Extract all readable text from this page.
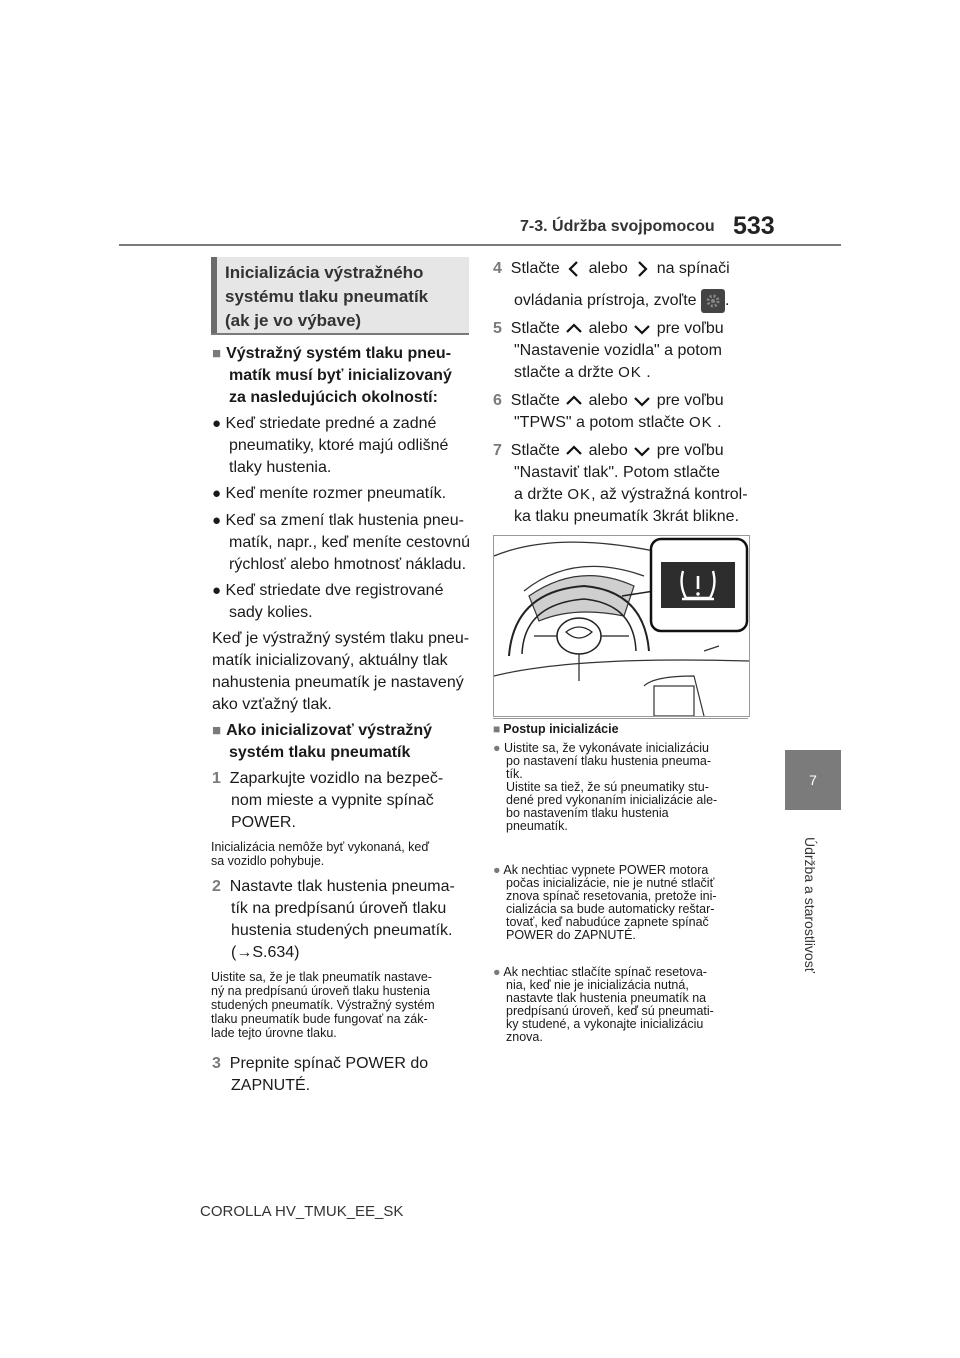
7-3. Údržba svojpomocou 533
7
Údržba a starostlivosť
Inicializácia výstražného
systému tlaku pneumatík
(ak je vo výbave)
■ Výstražný systém tlaku pneu-
matík musí byť inicializovaný
za nasledujúcich okolností:
● Keď striedate predné a zadné
pneumatiky, ktoré majú odlišné
tlaky hustenia.
● Keď meníte rozmer pneumatík.
● Keď sa zmení tlak hustenia pneu-
matík, napr., keď meníte cestovnú
rýchlosť alebo hmotnosť nákladu.
● Keď striedate dve registrované
sady kolies.
Keď je výstražný systém tlaku pneu-
matík inicializovaný, aktuálny tlak
nahustenia pneumatík je nastavený
ako vzťažný tlak.
■ Ako inicializovať výstražný
systém tlaku pneumatík
1 Zaparkujte vozidlo na bezpeč-
nom mieste a vypnite spínač
POWER.
Inicializácia nemôže byť vykonaná, keď
sa vozidlo pohybuje.
2 Nastavte tlak hustenia pneuma-
tík na predpísanú úroveň tlaku
hustenia studených pneumatík.
(→S.634)
Uistite sa, že je tlak pneumatík nastave-
ný na predpísanú úroveň tlaku hustenia
studených pneumatík. Výstražný systém
tlaku pneumatík bude fungovať na zák-
lade tejto úrovne tlaku.
3 Prepnite spínač POWER do
ZAPNUTÉ.
4 Stlačte alebo na spínači
ovládania prístroja, zvoľte .
5 Stlačte alebo pre voľbu
"Nastavenie vozidla" a potom
stlačte a držte OK .
6 Stlačte alebo pre voľbu
"TPWS" a potom stlačte OK .
7 Stlačte alebo pre voľbu
"Nastaviť tlak". Potom stlačte
a držte OK, až výstražná kontrol-
ka tlaku pneumatík 3krát blikne.
■ Postup inicializácie
● Uistite sa, že vykonávate inicializáciu
po nastavení tlaku hustenia pneuma-
tík.
Uistite sa tiež, že sú pneumatiky stu-
dené pred vykonaním inicializácie ale-
bo nastavením tlaku hustenia
pneumatík.
● Ak nechtiac vypnete POWER motora
počas inicializácie, nie je nutné stlačiť
znova spínač resetovania, pretože ini-
cializácia sa bude automaticky reštar-
tovať, keď nabudúce zapnete spínač
POWER do ZAPNUTÉ.
● Ak nechtiac stlačíte spínač resetova-
nia, keď nie je inicializácia nutná,
nastavte tlak hustenia pneumatík na
predpísanú úroveň, keď sú pneumati-
ky studené, a vykonajte inicializáciu
znova.
COROLLA HV_TMUK_EE_SK
